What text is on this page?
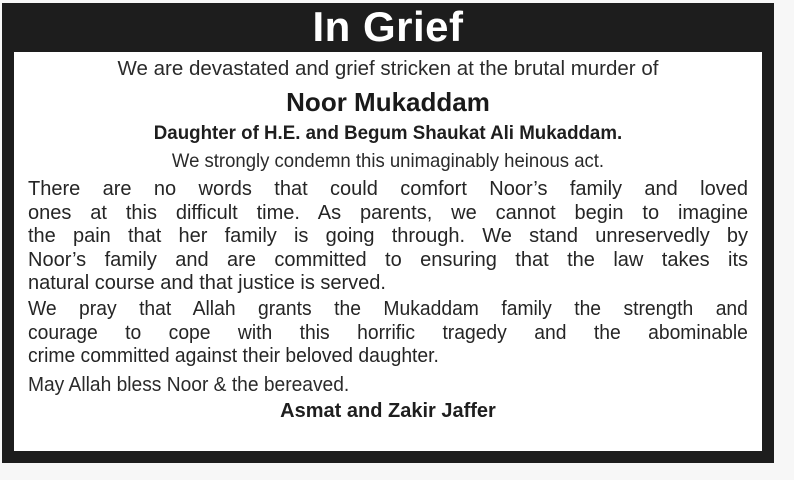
In Grief
We are devastated and grief stricken at the brutal murder of
Noor Mukaddam
Daughter of H.E. and Begum Shaukat Ali Mukaddam.
We strongly condemn this unimaginably heinous act.
There are no words that could comfort Noor’s family and loved
ones at this difficult time. As parents, we cannot begin to imagine
the pain that her family is going through. We stand unreservedly by
Noor’s family and are committed to ensuring that the law takes its
natural course and that justice is served.
We pray that Allah grants the Mukaddam family the strength and
courage to cope with this horrific tragedy and the abominable
crime committed against their beloved daughter.
May Allah bless Noor & the bereaved.
Asmat and Zakir Jaffer
